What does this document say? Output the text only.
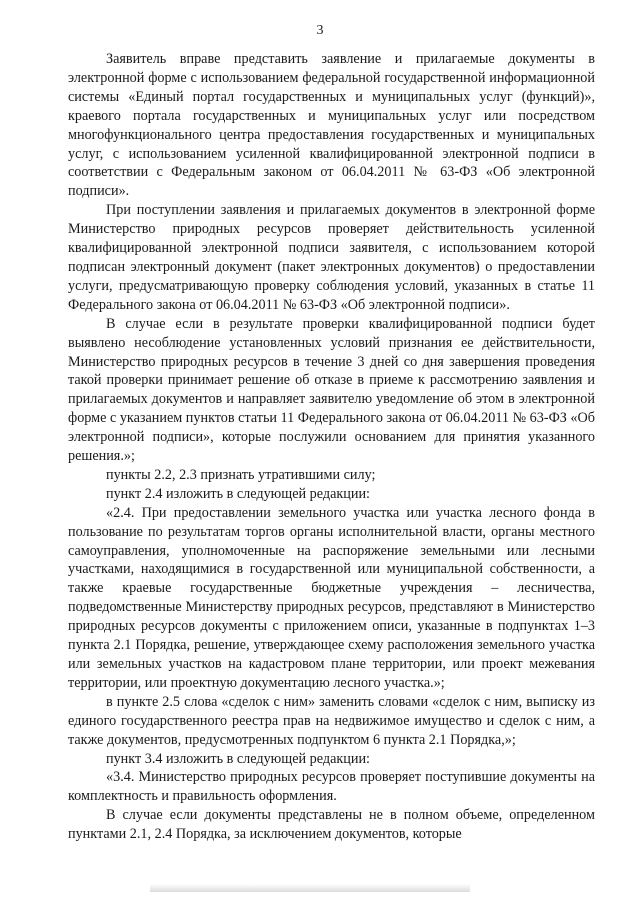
3

Заявитель вправе представить заявление и прилагаемые документы в электронной форме с использованием федеральной государственной информационной системы «Единый портал государственных и муниципальных услуг (функций)», краевого портала государственных и муниципальных услуг или посредством многофункционального центра предоставления государственных и муниципальных услуг, с использованием усиленной квалифицированной электронной подписи в соответствии с Федеральным законом от 06.04.2011 № 63-ФЗ «Об электронной подписи».

При поступлении заявления и прилагаемых документов в электронной форме Министерство природных ресурсов проверяет действительность усиленной квалифицированной электронной подписи заявителя, с использованием которой подписан электронный документ (пакет электронных документов) о предоставлении услуги, предусматривающую проверку соблюдения условий, указанных в статье 11 Федерального закона от 06.04.2011 № 63-ФЗ «Об электронной подписи».

В случае если в результате проверки квалифицированной подписи будет выявлено несоблюдение установленных условий признания ее действительности, Министерство природных ресурсов в течение 3 дней со дня завершения проведения такой проверки принимает решение об отказе в приеме к рассмотрению заявления и прилагаемых документов и направляет заявителю уведомление об этом в электронной форме с указанием пунктов статьи 11 Федерального закона от 06.04.2011 № 63-ФЗ «Об электронной подписи», которые послужили основанием для принятия указанного решения.»;

пункты 2.2, 2.3 признать утратившими силу;

пункт 2.4 изложить в следующей редакции:

«2.4. При предоставлении земельного участка или участка лесного фонда в пользование по результатам торгов органы исполнительной власти, органы местного самоуправления, уполномоченные на распоряжение земельными или лесными участками, находящимися в государственной или муниципальной собственности, а также краевые государственные бюджетные учреждения – лесничества, подведомственные Министерству природных ресурсов, представляют в Министерство природных ресурсов документы с приложением описи, указанные в подпунктах 1–3 пункта 2.1 Порядка, решение, утверждающее схему расположения земельного участка или земельных участков на кадастровом плане территории, или проект межевания территории, или проектную документацию лесного участка.»;

в пункте 2.5 слова «сделок с ним» заменить словами «сделок с ним, выписку из единого государственного реестра прав на недвижимое имущество и сделок с ним, а также документов, предусмотренных подпунктом 6 пункта 2.1 Порядка,»;

пункт 3.4 изложить в следующей редакции:

«3.4. Министерство природных ресурсов проверяет поступившие документы на комплектность и правильность оформления.

В случае если документы представлены не в полном объеме, определенном пунктами 2.1, 2.4 Порядка, за исключением документов, которые
